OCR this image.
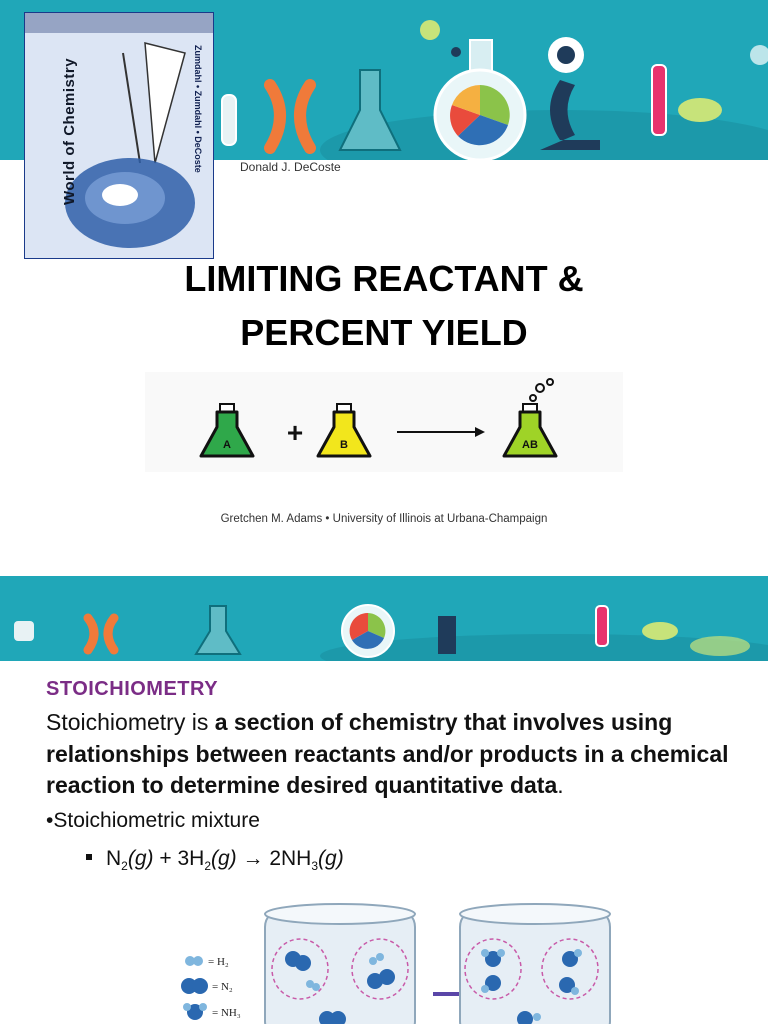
World of Chemistry	Zumdahl • Zumdahl • DeCoste	Donald J. DeCoste
LIMITING REACTANT &
PERCENT YIELD
A +	B	AB
Gretchen M. Adams • University of Illinois at Urbana-Champaign
STOICHIOMETRY
Stoichiometry is a section of chemistry that involves using relationships between reactants and/or products in a chemical reaction to determine desired quantitative data.
•Stoichiometric mixture
$N_2(g) + 3H_2(g) \to 2NH_3(g)$
= H₂
= N₂
= NH₃
